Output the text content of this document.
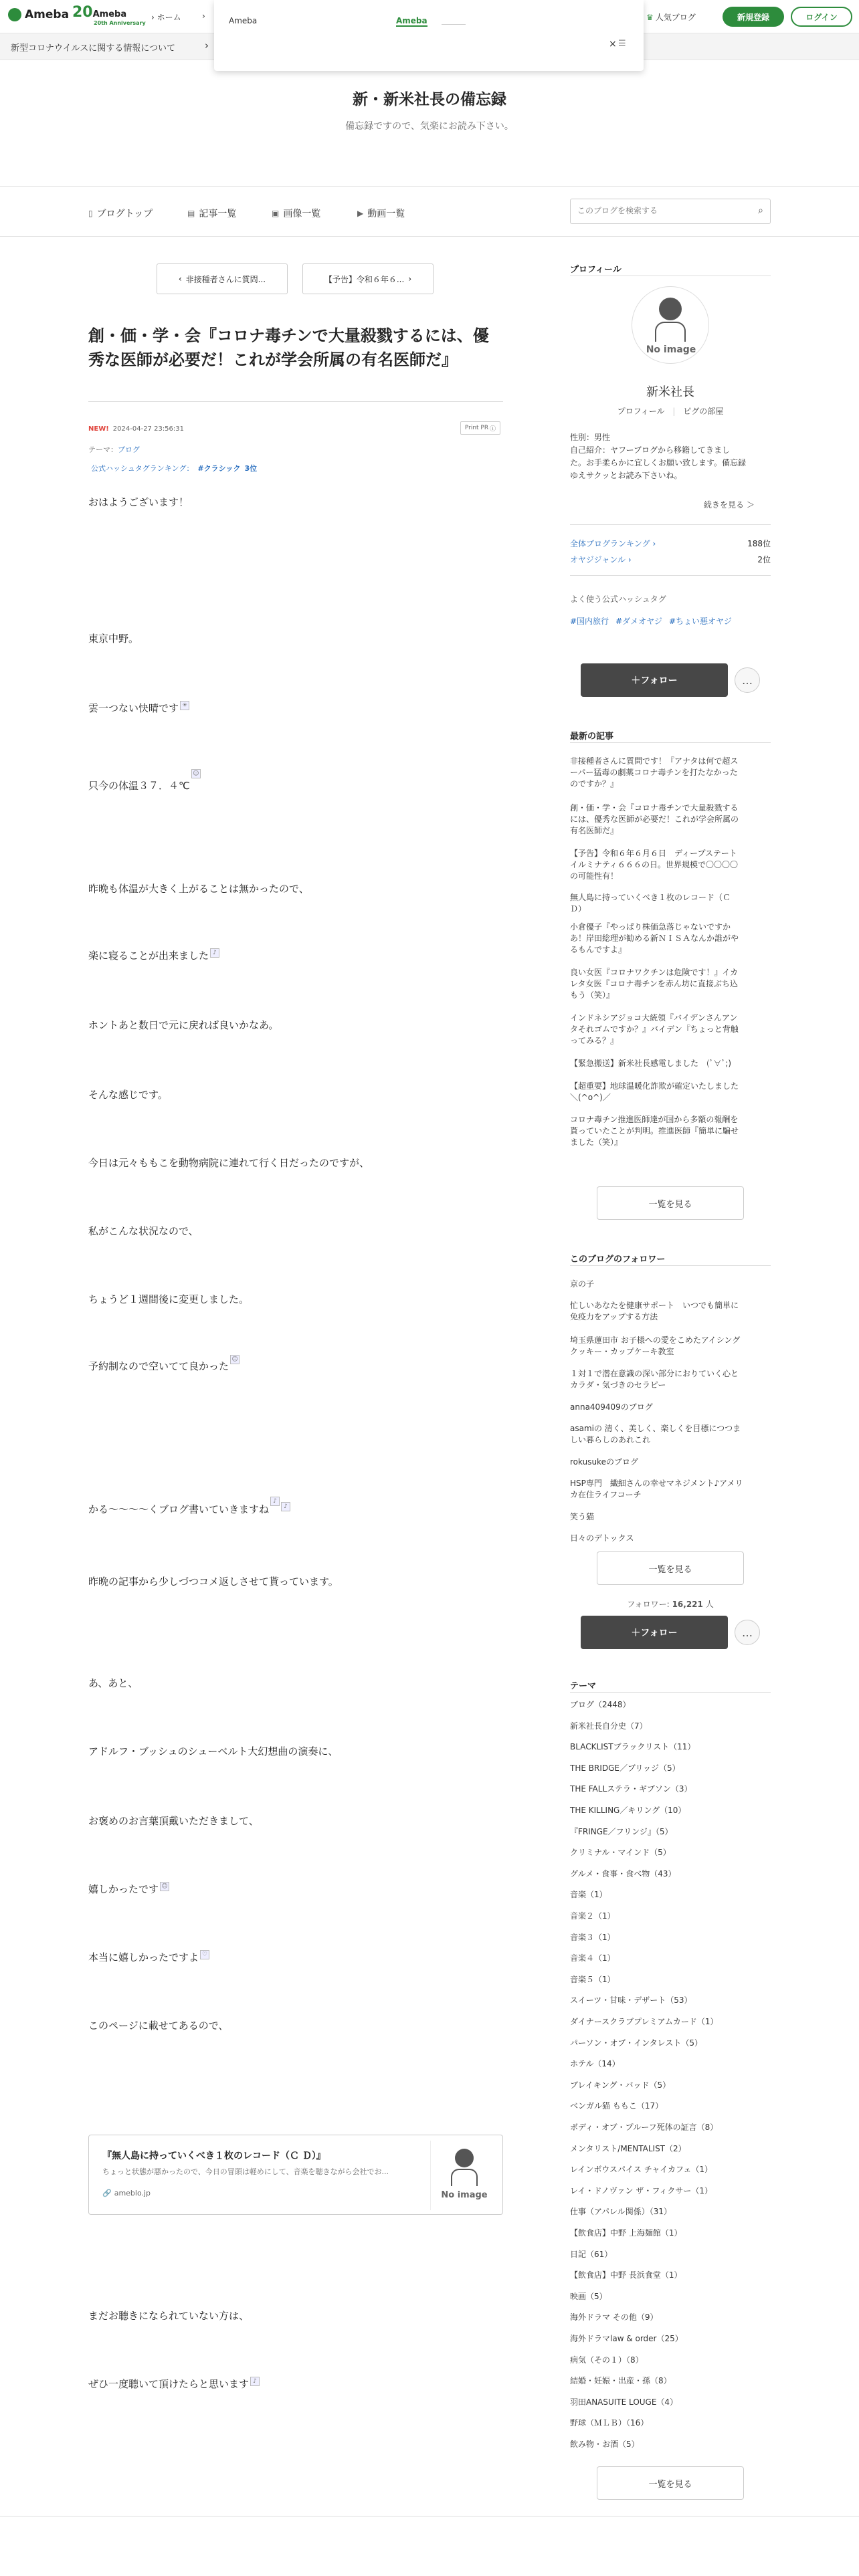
Ameba 20Ameba
20th Anniversary
› ホーム	›	♛ 人気ブログ	新規登録	ログイン
新型コロナウイルスに関する情報について	›
Ameba	Ameba
× ☰
新・新米社長の備忘録
備忘録ですので、気楽にお読み下さい。
▯ ブログトップ	▤ 記事一覧	▣ 画像一覧	▶ 動画一覧
このブログを検索する	⌕
‹ 非接種者さんに質問...	【予告】令和６年６... ›
創・価・学・会『コロナ毒チンで大量殺戮するには、優秀な医師が必要だ！これが学会所属の有名医師だ』
NEW! 2024-04-27 23:56:31	Print PR ⓘ
テーマ：ブログ
公式ハッシュタグランキング： #クラシック 3位
おはようございます！
東京中野。
雲一つない快晴です ☀
只今の体温３７．４℃☺
昨晩も体温が大きく上がることは無かったので、
楽に寝ることが出来ました ♪
ホントあと数日で元に戻れば良いかなあ。
そんな感じです。
今日は元々ももこを動物病院に連れて行く日だったのですが、
私がこんな状況なので、
ちょうど１週間後に変更しました。
予約制なので空いてて良かった☺
かる〜〜〜〜くブログ書いていきますね♪♪
昨晩の記事から少しづつコメ返しさせて貰っています。
あ、あと、
アドルフ・ブッシュのシューベルト大幻想曲の演奏に、
お褒めのお言葉頂戴いただきまして、
嬉しかったです ☺
本当に嬉しかったですよ ♡
このページに載せてあるので、
『無人島に持っていくべき１枚のレコード（Ｃ Ｄ）』
ちょっと状態が悪かったので、今日の冒頭は軽めにして、音楽を聴きながら会社でお...
🔗 ameblo.jp	No image
まだお聴きになられていない方は、
ぜひ一度聴いて頂けたらと思います ♪
プロフィール
No image
新米社長
プロフィール | ピグの部屋
性別：男性
自己紹介：ヤフーブログから移籍してきまし
た。お手柔らかに宜しくお願い致します。備忘録
ゆえサクッとお読み下さいね。
続きを見る ＞
全体ブログランキング ›	188位
オヤジジャンル ›	2位
よく使う公式ハッシュタグ
#国内旅行 #ダメオヤジ #ちょい悪オヤジ
＋フォロー	…
最新の記事
非接種者さんに質問です！『アナタは何で超ス
ーパー猛毒の劇薬コロナ毒チンを打たなかった
のですか？』
創・価・学・会『コロナ毒チンで大量殺戮する
には、優秀な医師が必要だ！これが学会所属の
有名医師だ』
【予告】令和６年６月６日　ディープステート
イルミナティ６６６の日。世界規模で〇〇〇〇
の可能性有！
無人島に持っていくべき１枚のレコード（Ｃ
Ｄ）
小倉優子『やっぱり株価急落じゃないですか
あ！岸田総理が勧める新ＮＩＳＡなんか誰がや
るもんですよ』
良い女医『コロナワクチンは危険です！』イカ
レタ女医『コロナ毒チンを赤ん坊に直接ぶち込
もう（笑）』
インドネシアジョコ大統領『バイデンさんアン
タそれゴムですか？』バイデン『ちょっと背触
ってみる？』
【緊急搬送】新米社長感電しました　(ﾟ∀ﾟ;)
【超重要】地球温暖化詐欺が確定いたしました
＼(^o^)／
コロナ毒チン推進医師達が国から多額の報酬を
貰っていたことが判明。推進医師『簡単に騙せ
ました（笑）』
一覧を見る
このブログのフォロワー
京の子
忙しいあなたを健康サポート　いつでも簡単に
免疫力をアップする方法
埼玉県蓮田市 お子様への愛をこめたアイシング
クッキー・カップケーキ教室
１対１で潜在意識の深い部分におりていく心と
カラダ・気づきのセラピー
anna409409のブログ
asamiの 清く、美しく、楽しくを目標につつま
しい暮らしのあれこれ
rokusukeのブログ
HSP専門　繊細さんの幸せマネジメント♪アメリ
カ在住ライフコーチ
笑う猫
日々のデトックス
一覧を見る
フォロワー: 16,221 人
＋フォロー	…
テーマ
ブログ（2448）
新米社長自分史（7）
BLACKLISTブラックリスト（11）
THE BRIDGE／ブリッジ（5）
THE FALLステラ・ギブソン（3）
THE KILLING／キリング（10）
『FRINGE／フリンジ』（5）
クリミナル・マインド（5）
グルメ・食事・食べ物（43）
音楽（1）
音楽２（1）
音楽３（1）
音楽４（1）
音楽５（1）
スイーツ・甘味・デザート（53）
ダイナースクラブプレミアムカード（1）
パーソン・オブ・インタレスト（5）
ホテル（14）
ブレイキング・バッド（5）
ベンガル猫 ももこ（17）
ボディ・オブ・プルーフ死体の証言（8）
メンタリスト/MENTALIST（2）
レインボウスパイス チャイカフェ（1）
レイ・ドノヴァン ザ・フィクサー（1）
仕事（アパレル関係）（31）
【飲食店】中野 上海麺館（1）
日記（61）
【飲食店】中野 長浜食堂（1）
映画（5）
海外ドラマ その他（9）
海外ドラマlaw & order（25）
病気（その１）（8）
結婚・妊娠・出産・孫（8）
羽田ANASUITE LOUGE（4）
野球（ＭＬＢ）（16）
飲み物・お酒（5）
一覧を見る
